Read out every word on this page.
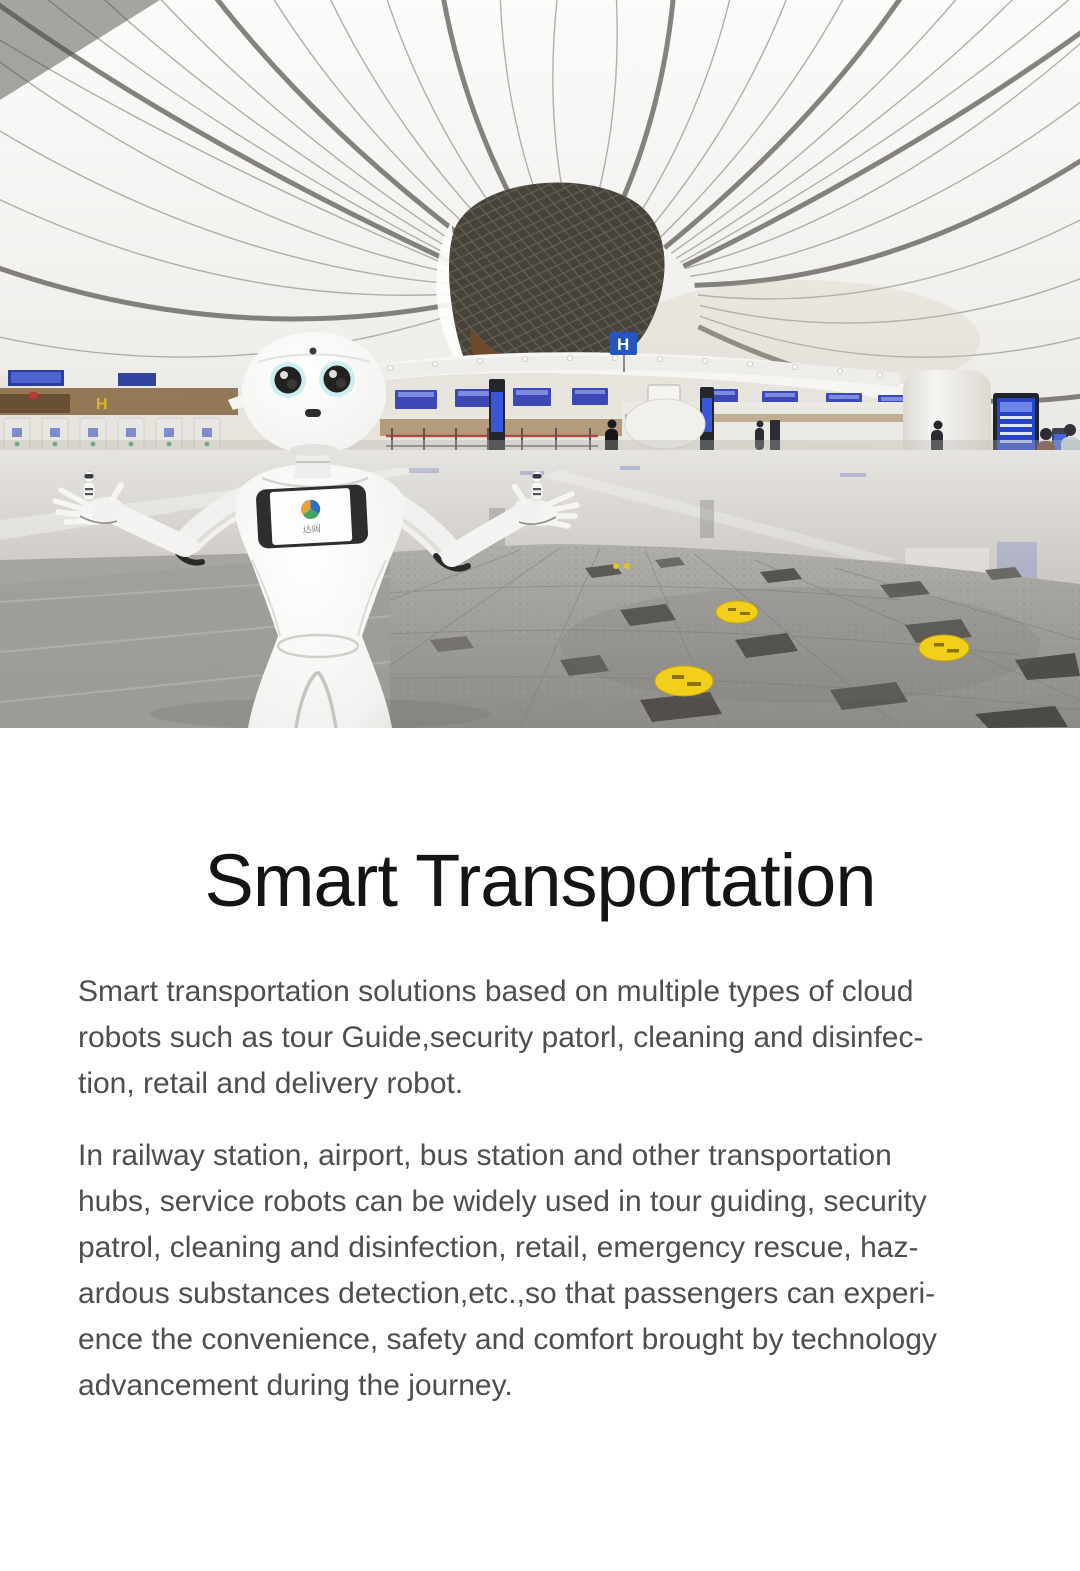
H
H
达闼
Smart Transportation
Smart transportation solutions based on multiple types of cloud
robots such as tour Guide,security patorl, cleaning and disinfec-
tion, retail and delivery robot.
In railway station, airport, bus station and other transportation
hubs, service robots can be widely used in tour guiding, security
patrol, cleaning and disinfection, retail, emergency rescue, haz-
ardous substances detection,etc.,so that passengers can experi-
ence the convenience, safety and comfort brought by technology
advancement during the journey.
